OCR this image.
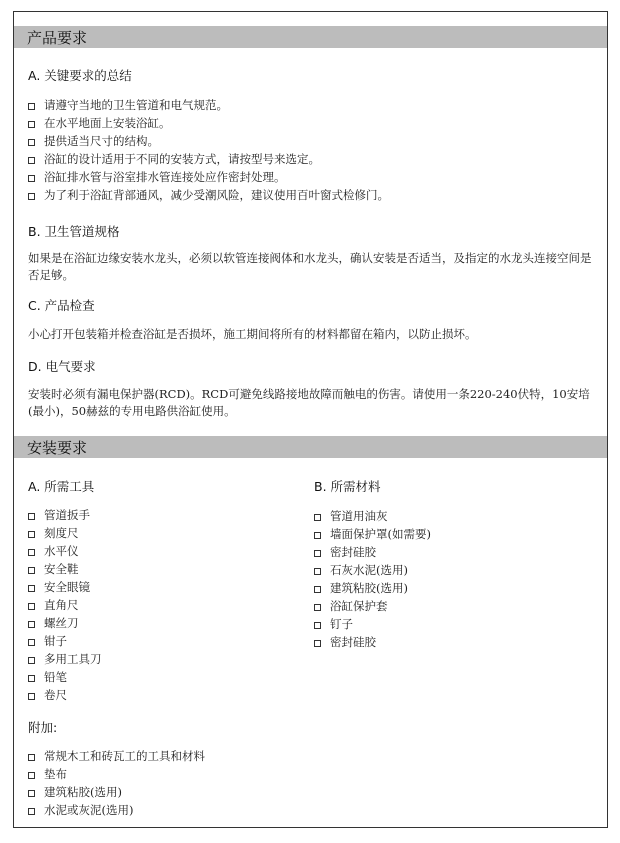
产品要求
A. 关键要求的总结
请遵守当地的卫生管道和电气规范。
在水平地面上安装浴缸。
提供适当尺寸的结构。
浴缸的设计适用于不同的安装方式，请按型号来选定。
浴缸排水管与浴室排水管连接处应作密封处理。
为了利于浴缸背部通风，减少受潮风险，建议使用百叶窗式检修门。
B. 卫生管道规格
如果是在浴缸边缘安装水龙头，必须以软管连接阀体和水龙头，确认安装是否适当，及指定的水龙头连接空间是否足够。
C. 产品检查
小心打开包装箱并检查浴缸是否损坏，施工期间将所有的材料都留在箱内，以防止损坏。
D. 电气要求
安装时必须有漏电保护器(RCD)。RCD可避免线路接地故障而触电的伤害。请使用一条220-240伏特，10安培(最小)，50赫兹的专用电路供浴缸使用。
安装要求
A. 所需工具
管道扳手
刻度尺
水平仪
安全鞋
安全眼镜
直角尺
螺丝刀
钳子
多用工具刀
铅笔
卷尺
B. 所需材料
管道用油灰
墙面保护罩(如需要)
密封硅胶
石灰水泥(选用)
建筑粘胶(选用)
浴缸保护套
钉子
密封硅胶
附加:
常规木工和砖瓦工的工具和材料
垫布
建筑粘胶(选用)
水泥或灰泥(选用)
